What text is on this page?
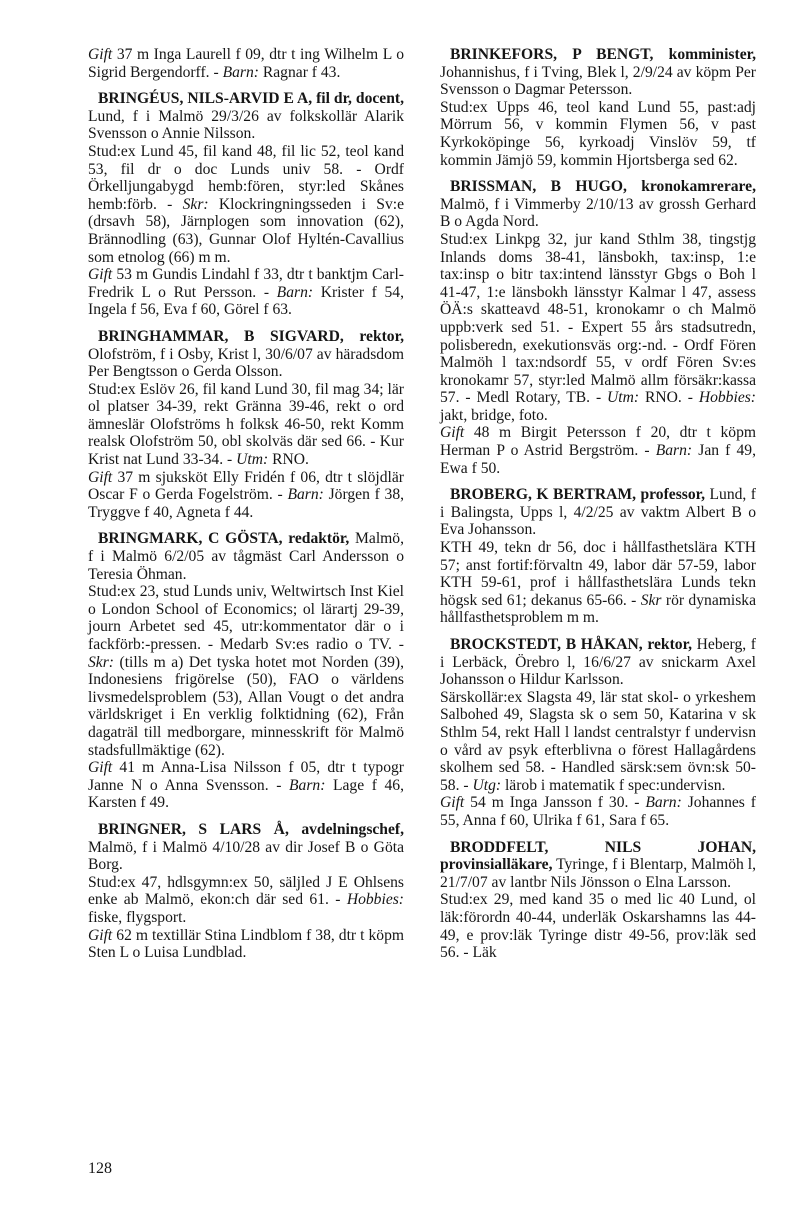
Gift 37 m Inga Laurell f 09, dtr t ing Wilhelm L o Sigrid Bergendorff. - Barn: Ragnar f 43.

BRINGÉUS, NILS-ARVID E A, fil dr, docent, Lund, f i Malmö 29/3/26 av folkskollär Alarik Svensson o Annie Nilsson.

Stud:ex Lund 45, fil kand 48, fil lic 52, teol kand 53, fil dr o doc Lunds univ 58. - Ordf Örkelljungabygd hemb:fören, styr:led Skånes hemb:förb. - Skr: Klockringningsseden i Sv:e (drsavh 58), Järnplogen som innovation (62), Brännodling (63), Gunnar Olof Hyltén-Cavallius som etnolog (66) m m.

Gift 53 m Gundis Lindahl f 33, dtr t banktjm Carl-Fredrik L o Rut Persson. - Barn: Krister f 54, Ingela f 56, Eva f 60, Görel f 63.

BRINGHAMMAR, B SIGVARD, rektor, Olofström, f i Osby, Krist l, 30/6/07 av häradsdom Per Bengtsson o Gerda Olsson.

Stud:ex Eslöv 26, fil kand Lund 30, fil mag 34; lär ol platser 34-39, rekt Gränna 39-46, rekt o ord ämneslär Olofströms h folksk 46-50, rekt Komm realsk Olofström 50, obl skolväs där sed 66. - Kur Krist nat Lund 33-34. - Utm: RNO.

Gift 37 m sjuksköt Elly Fridén f 06, dtr t slöjdlär Oscar F o Gerda Fogelström. - Barn: Jörgen f 38, Tryggve f 40, Agneta f 44.

BRINGMARK, C GÖSTA, redaktör, Malmö, f i Malmö 6/2/05 av tågmäst Carl Andersson o Teresia Öhman.

Stud:ex 23, stud Lunds univ, Weltwirtsch Inst Kiel o London School of Economics; ol lärartj 29-39, journ Arbetet sed 45, utr:kommentator där o i fackförb:-pressen. - Medarb Sv:es radio o TV. - Skr: (tills m a) Det tyska hotet mot Norden (39), Indonesiens frigörelse (50), FAO o världens livsmedelsproblem (53), Allan Vougt o det andra världskriget i En verklig folktidning (62), Från dagaträl till medborgare, minnesskrift för Malmö stadsfullmäktige (62).

Gift 41 m Anna-Lisa Nilsson f 05, dtr t typogr Janne N o Anna Svensson. - Barn: Lage f 46, Karsten f 49.

BRINGNER, S LARS Å, avdelningschef, Malmö, f i Malmö 4/10/28 av dir Josef B o Göta Borg.

Stud:ex 47, hdlsgymn:ex 50, säljled J E Ohlsens enke ab Malmö, ekon:ch där sed 61. - Hobbies: fiske, flygsport.

Gift 62 m textillär Stina Lindblom f 38, dtr t köpm Sten L o Luisa Lundblad.

BRINKEFORS, P BENGT, komminister, Johannishus, f i Tving, Blek l, 2/9/24 av köpm Per Svensson o Dagmar Petersson.

Stud:ex Upps 46, teol kand Lund 55, past:adj Mörrum 56, v kommin Flymen 56, v past Kyrkoköpinge 56, kyrkoadj Vinslöv 59, tf kommin Jämjö 59, kommin Hjortsberga sed 62.

BRISSMAN, B HUGO, kronokamrerare, Malmö, f i Vimmerby 2/10/13 av grossh Gerhard B o Agda Nord.

Stud:ex Linkpg 32, jur kand Sthlm 38, tingstjg Inlands doms 38-41, länsbokh, tax:insp, 1:e tax:insp o bitr tax:intend länsstyr Gbgs o Boh l 41-47, 1:e länsbokh länsstyr Kalmar l 47, assess ÖÄ:s skatteavd 48-51, kronokamr o ch Malmö uppb:verk sed 51. - Expert 55 års stadsutredn, polisberedn, exekutionsväs org:-nd. - Ordf Fören Malmöh l tax:ndsordf 55, v ordf Fören Sv:es kronokamr 57, styr:led Malmö allm försäkr:kassa 57. - Medl Rotary, TB. - Utm: RNO. - Hobbies: jakt, bridge, foto.

Gift 48 m Birgit Petersson f 20, dtr t köpm Herman P o Astrid Bergström. - Barn: Jan f 49, Ewa f 50.

BROBERG, K BERTRAM, professor, Lund, f i Balingsta, Upps l, 4/2/25 av vaktm Albert B o Eva Johansson.

KTH 49, tekn dr 56, doc i hållfasthetslära KTH 57; anst fortif:förvaltn 49, labor där 57-59, labor KTH 59-61, prof i hållfasthetslära Lunds tekn högsk sed 61; dekanus 65-66. - Skr rör dynamiska hållfasthetsproblem m m.

BROCKSTEDT, B HÅKAN, rektor, Heberg, f i Lerbäck, Örebro l, 16/6/27 av snickarm Axel Johansson o Hildur Karlsson.

Särskollär:ex Slagsta 49, lär stat skol- o yrkeshem Salbohed 49, Slagsta sk o sem 50, Katarina v sk Sthlm 54, rekt Hall l landst centralstyr f undervisn o vård av psyk efterblivna o förest Hallagårdens skolhem sed 58. - Handled särsk:sem övn:sk 50-58. - Utg: lärob i matematik f spec:undervisn.

Gift 54 m Inga Jansson f 30. - Barn: Johannes f 55, Anna f 60, Ulrika f 61, Sara f 65.

BRODDFELT, NILS JOHAN, provinsialläkare, Tyringe, f i Blentarp, Malmöh l, 21/7/07 av lantbr Nils Jönsson o Elna Larsson.

Stud:ex 29, med kand 35 o med lic 40 Lund, ol läk:förordn 40-44, underläk Oskarshamns las 44-49, e prov:läk Tyringe distr 49-56, prov:läk sed 56. - Läk

128
